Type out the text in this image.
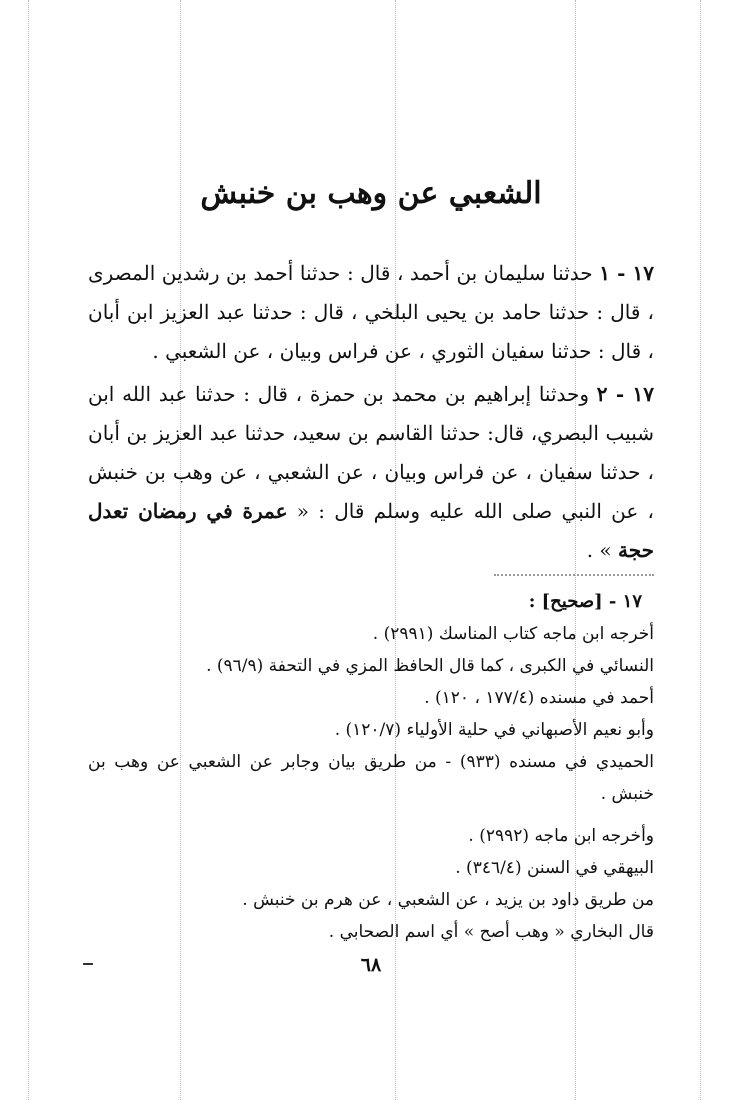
الشعبي عن وهب بن خنبش

١٧ - ١ حدثنا سليمان بن أحمد ، قال : حدثنا أحمد بن رشدين المصرى ، قال : حدثنا حامد بن يحيى البلخي ، قال : حدثنا عبد العزيز ابن أبان ، قال : حدثنا سفيان الثوري ، عن فراس وبيان ، عن الشعبي .

١٧ - ٢ وحدثنا إبراهيم بن محمد بن حمزة ، قال : حدثنا عبد الله ابن شبيب البصري، قال: حدثنا القاسم بن سعيد، حدثنا عبد العزيز بن أبان ، حدثنا سفيان ، عن فراس وبيان ، عن الشعبي ، عن وهب بن خنبش ، عن النبي صلى الله عليه وسلم قال : « عمرة في رمضان تعدل حجة » .

١٧ - [صحيح] :
أخرجه ابن ماجه كتاب المناسك (٢٩٩١) .
النسائي في الكبرى ، كما قال الحافظ المزي في التحفة (٩٦/٩) .
أحمد في مسنده (١٧٧/٤ ، ١٢٠) .
وأبو نعيم الأصبهاني في حلية الأولياء (١٢٠/٧) .
الحميدي في مسنده (٩٣٣) - من طريق بيان وجابر عن الشعبي عن وهب بن خنبش .
وأخرجه ابن ماجه (٢٩٩٢) .
البيهقي في السنن (٣٤٦/٤) .
من طريق داود بن يزيد ، عن الشعبي ، عن هرم بن خنبش .
قال البخاري « وهب أصح » أي اسم الصحابي .
٦٨
